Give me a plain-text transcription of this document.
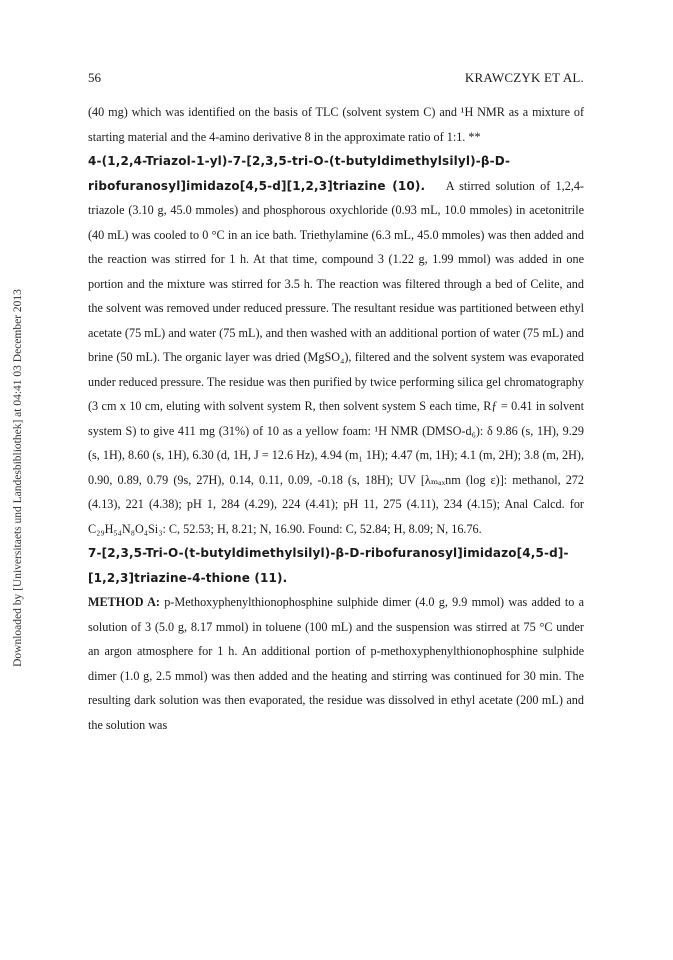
56	KRAWCZYK ET AL.
Downloaded by [Universitaets und Landesbibliothek] at 04:41 03 December 2013

(40 mg) which was identified on the basis of TLC (solvent system C) and ¹H NMR as a mixture of starting material and the 4-amino derivative 8 in the approximate ratio of 1:1. **

4-(1,2,4-Triazol-1-yl)-7-[2,3,5-tri-O-(t-butyldimethylsilyl)-β-D-ribofuranosyl]imidazo[4,5-d][1,2,3]triazine (10). A stirred solution of 1,2,4-triazole (3.10 g, 45.0 mmoles) and phosphorous oxychloride (0.93 mL, 10.0 mmoles) in acetonitrile (40 mL) was cooled to 0 °C in an ice bath. Triethylamine (6.3 mL, 45.0 mmoles) was then added and the reaction was stirred for 1 h. At that time, compound 3 (1.22 g, 1.99 mmol) was added in one portion and the mixture was stirred for 3.5 h. The reaction was filtered through a bed of Celite, and the solvent was removed under reduced pressure. The resultant residue was partitioned between ethyl acetate (75 mL) and water (75 mL), and then washed with an additional portion of water (75 mL) and brine (50 mL). The organic layer was dried (MgSO₄), filtered and the solvent system was evaporated under reduced pressure. The residue was then purified by twice performing silica gel chromatography (3 cm x 10 cm, eluting with solvent system R, then solvent system S each time, Rƒ = 0.41 in solvent system S) to give 411 mg (31%) of 10 as a yellow foam: ¹H NMR (DMSO-d₆): δ 9.86 (s, 1H), 9.29 (s, 1H), 8.60 (s, 1H), 6.30 (d, 1H, J = 12.6 Hz), 4.94 (m₁ 1H); 4.47 (m, 1H); 4.1 (m, 2H); 3.8 (m, 2H), 0.90, 0.89, 0.79 (9s, 27H), 0.14, 0.11, 0.09, -0.18 (s, 18H); UV [λₘₐₓnm (log ε)]: methanol, 272 (4.13), 221 (4.38); pH 1, 284 (4.29), 224 (4.41); pH 11, 275 (4.11), 234 (4.15); Anal Calcd. for C₂₉H₅₄N₈O₄Si₃: C, 52.53; H, 8.21; N, 16.90. Found: C, 52.84; H, 8.09; N, 16.76.

7-[2,3,5-Tri-O-(t-butyldimethylsilyl)-β-D-ribofuranosyl]imidazo[4,5-d]-[1,2,3]triazine-4-thione (11).

METHOD A: p-Methoxyphenylthionophosphine sulphide dimer (4.0 g, 9.9 mmol) was added to a solution of 3 (5.0 g, 8.17 mmol) in toluene (100 mL) and the suspension was stirred at 75 °C under an argon atmosphere for 1 h. An additional portion of p-methoxyphenylthionophosphine sulphide dimer (1.0 g, 2.5 mmol) was then added and the heating and stirring was continued for 30 min. The resulting dark solution was then evaporated, the residue was dissolved in ethyl acetate (200 mL) and the solution was
